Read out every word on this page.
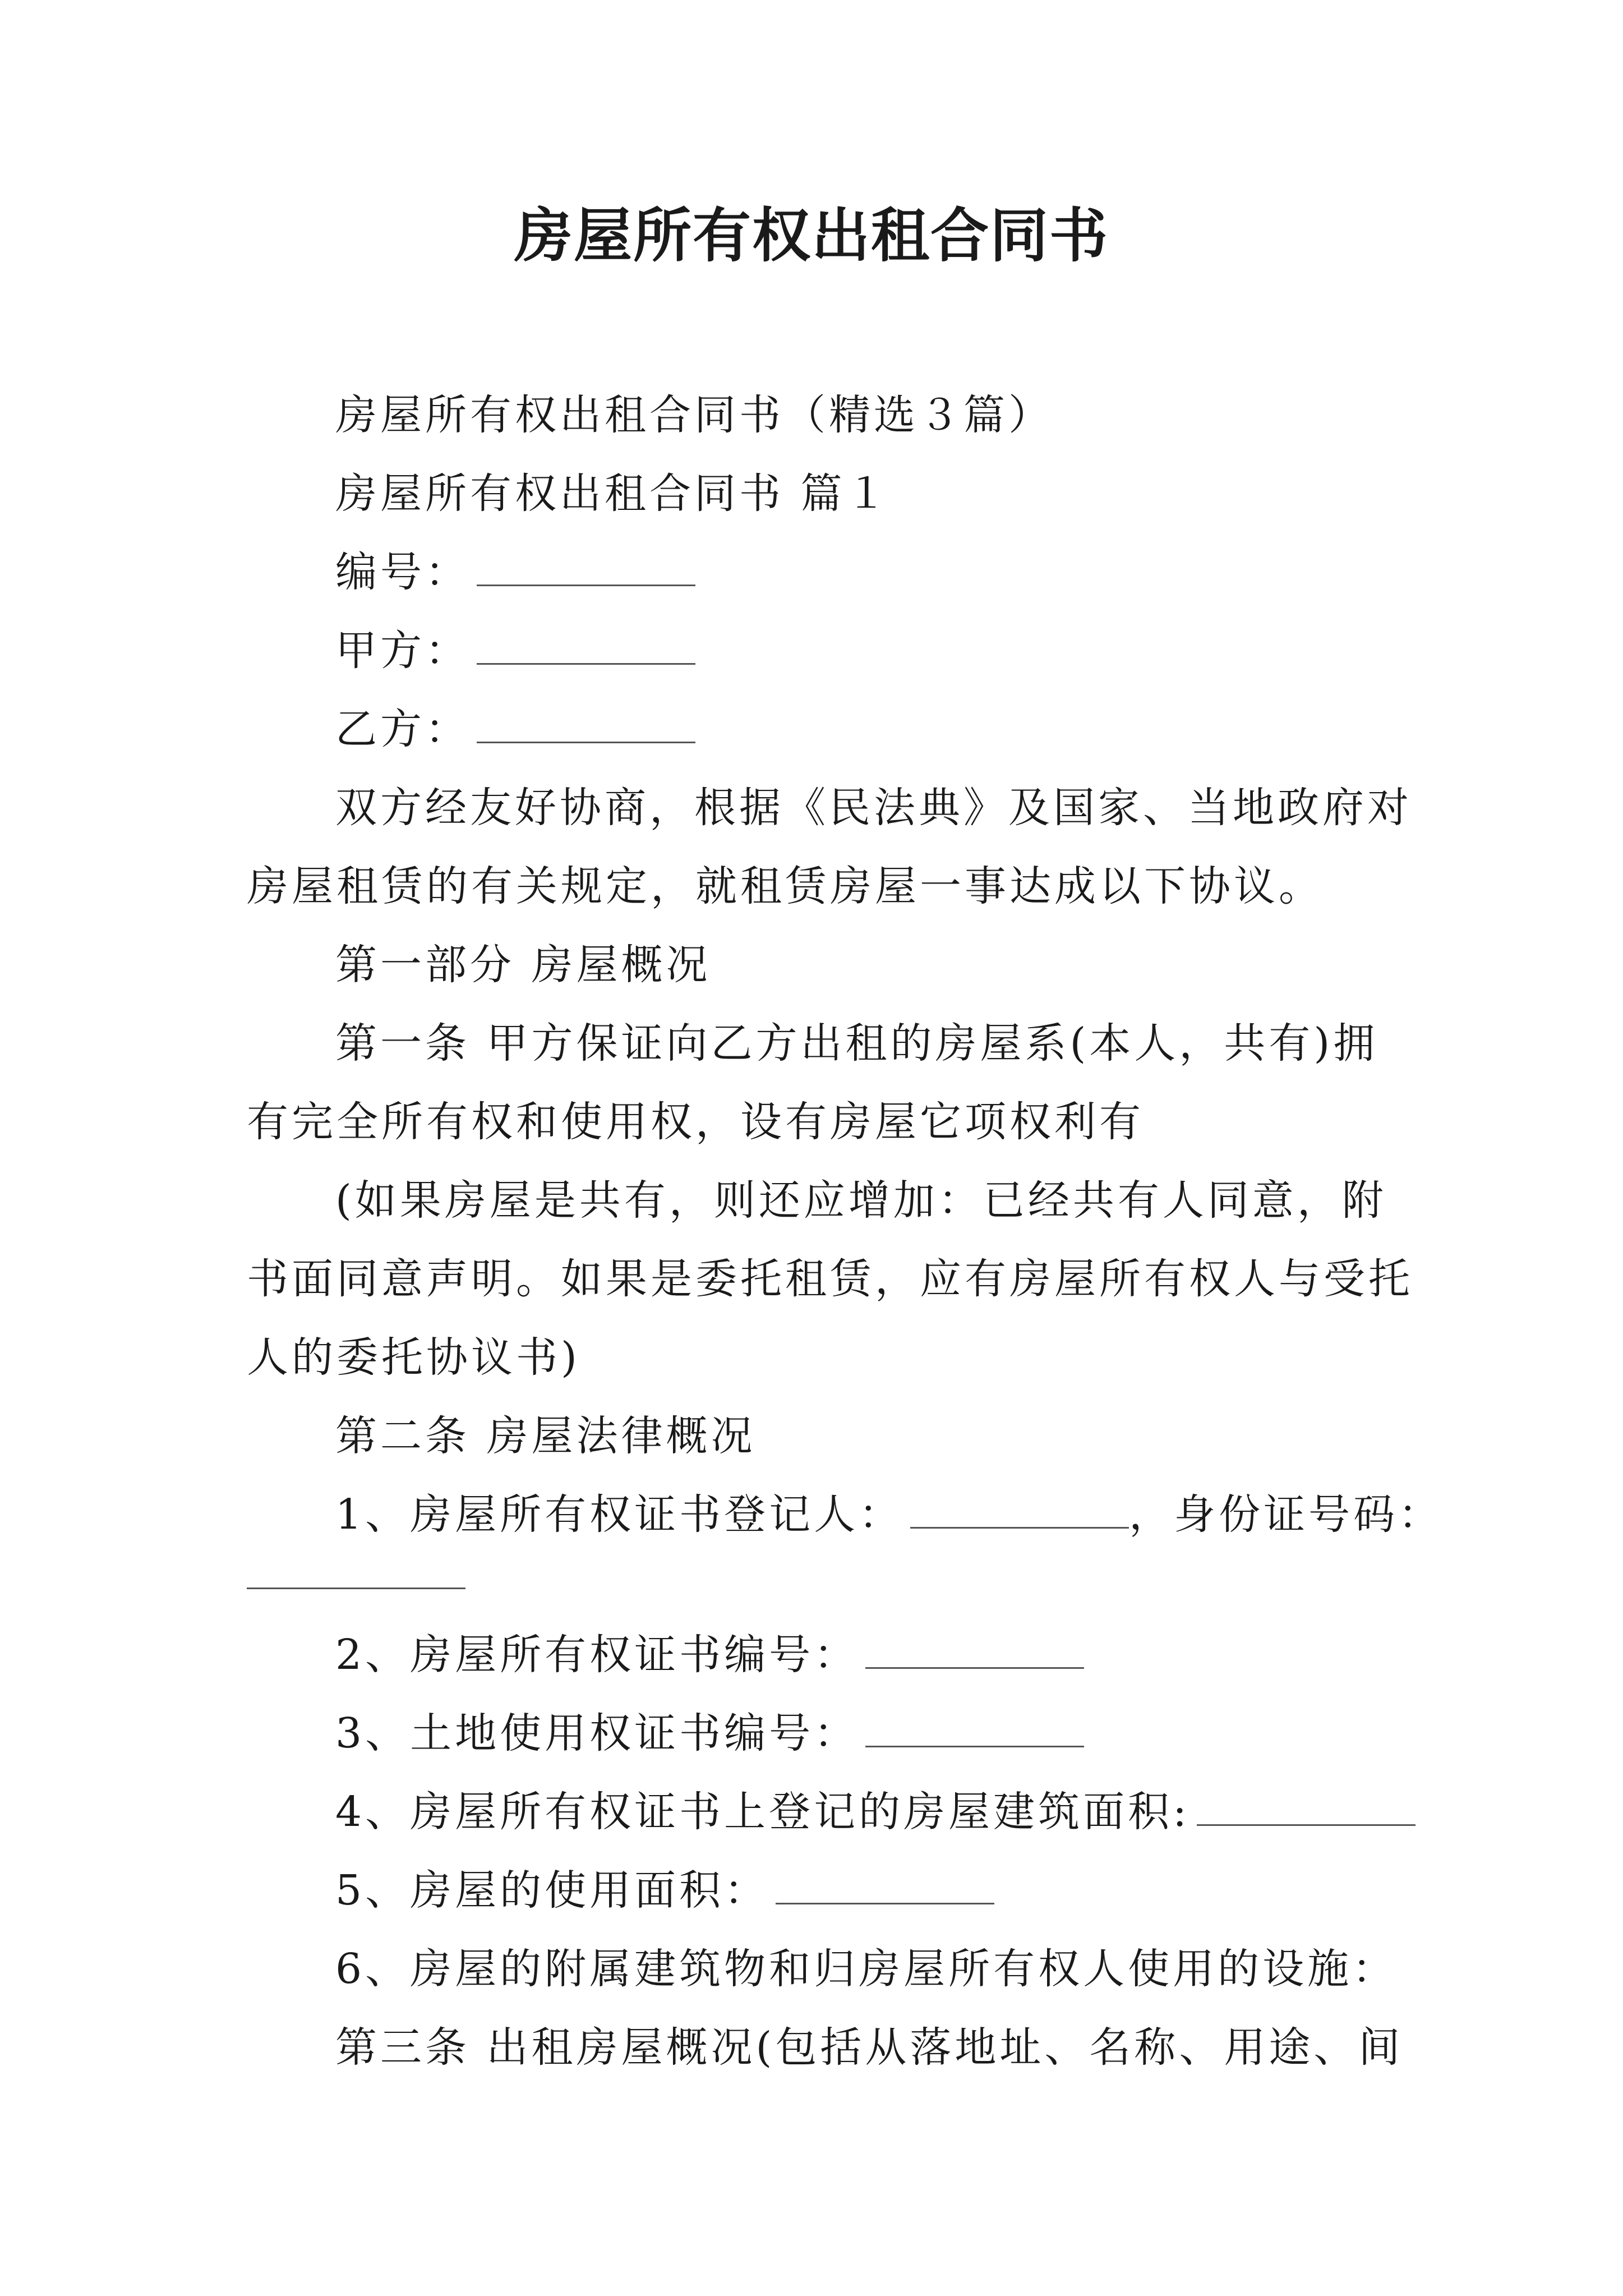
房屋所有权出租合同书
房屋所有权出租合同书（精选３篇）
房屋所有权出租合同书 篇１
编号：
甲方：
乙方：
双方经友好协商，根据《民法典》及国家、当地政府对
房屋租赁的有关规定，就租赁房屋一事达成以下协议。
第一部分 房屋概况
第一条 甲方保证向乙方出租的房屋系(本人，共有)拥
有完全所有权和使用权，设有房屋它项权利有
(如果房屋是共有，则还应增加：已经共有人同意，附
书面同意声明。如果是委托租赁，应有房屋所有权人与受托
人的委托协议书)
第二条 房屋法律概况
1、房屋所有权证书登记人：	，身份证号码：
2、房屋所有权证书编号：
3、土地使用权证书编号：
4、房屋所有权证书上登记的房屋建筑面积:
5、房屋的使用面积：
6、房屋的附属建筑物和归房屋所有权人使用的设施：
第三条 出租房屋概况(包括从落地址、名称、用途、间
